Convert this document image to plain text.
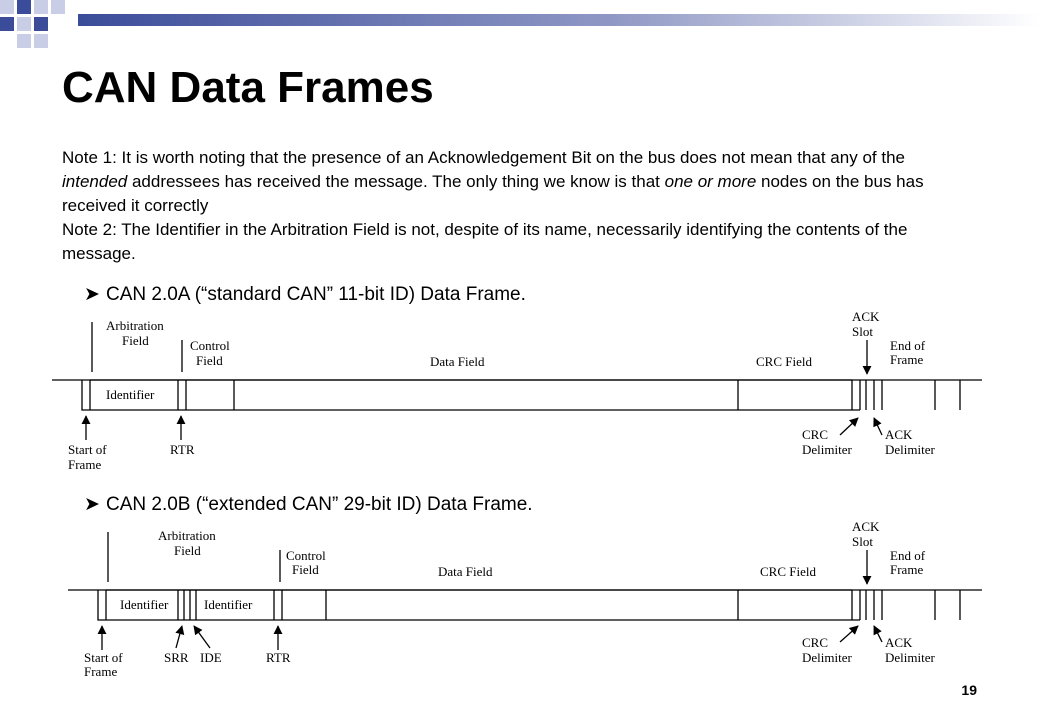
CAN Data Frames

Note 1: It is worth noting that the presence of an Acknowledgement Bit on the bus does not mean that any of the intended addressees has received the message. The only thing we know is that one or more nodes on the bus has received it correctly

Note 2: The Identifier in the Arbitration Field is not, despite of its name, necessarily identifying the contents of the message.

➤ CAN 2.0A (“standard CAN” 11-bit ID) Data Frame.
Arbitration
Field	Control
Field	Data Field	CRC Field
ACK
Slot
End of
Frame
Identifier
Start of
Frame
RTR
CRC
Delimiter
ACK
Delimiter
➤ CAN 2.0B (“extended CAN” 29-bit ID) Data Frame.
Arbitration
Field	Control
Field	Data Field	CRC Field
ACK
Slot
End of
Frame
Identifier	Identifier
Start of
Frame
SRR IDE	RTR
CRC
Delimiter
ACK
Delimiter
19
